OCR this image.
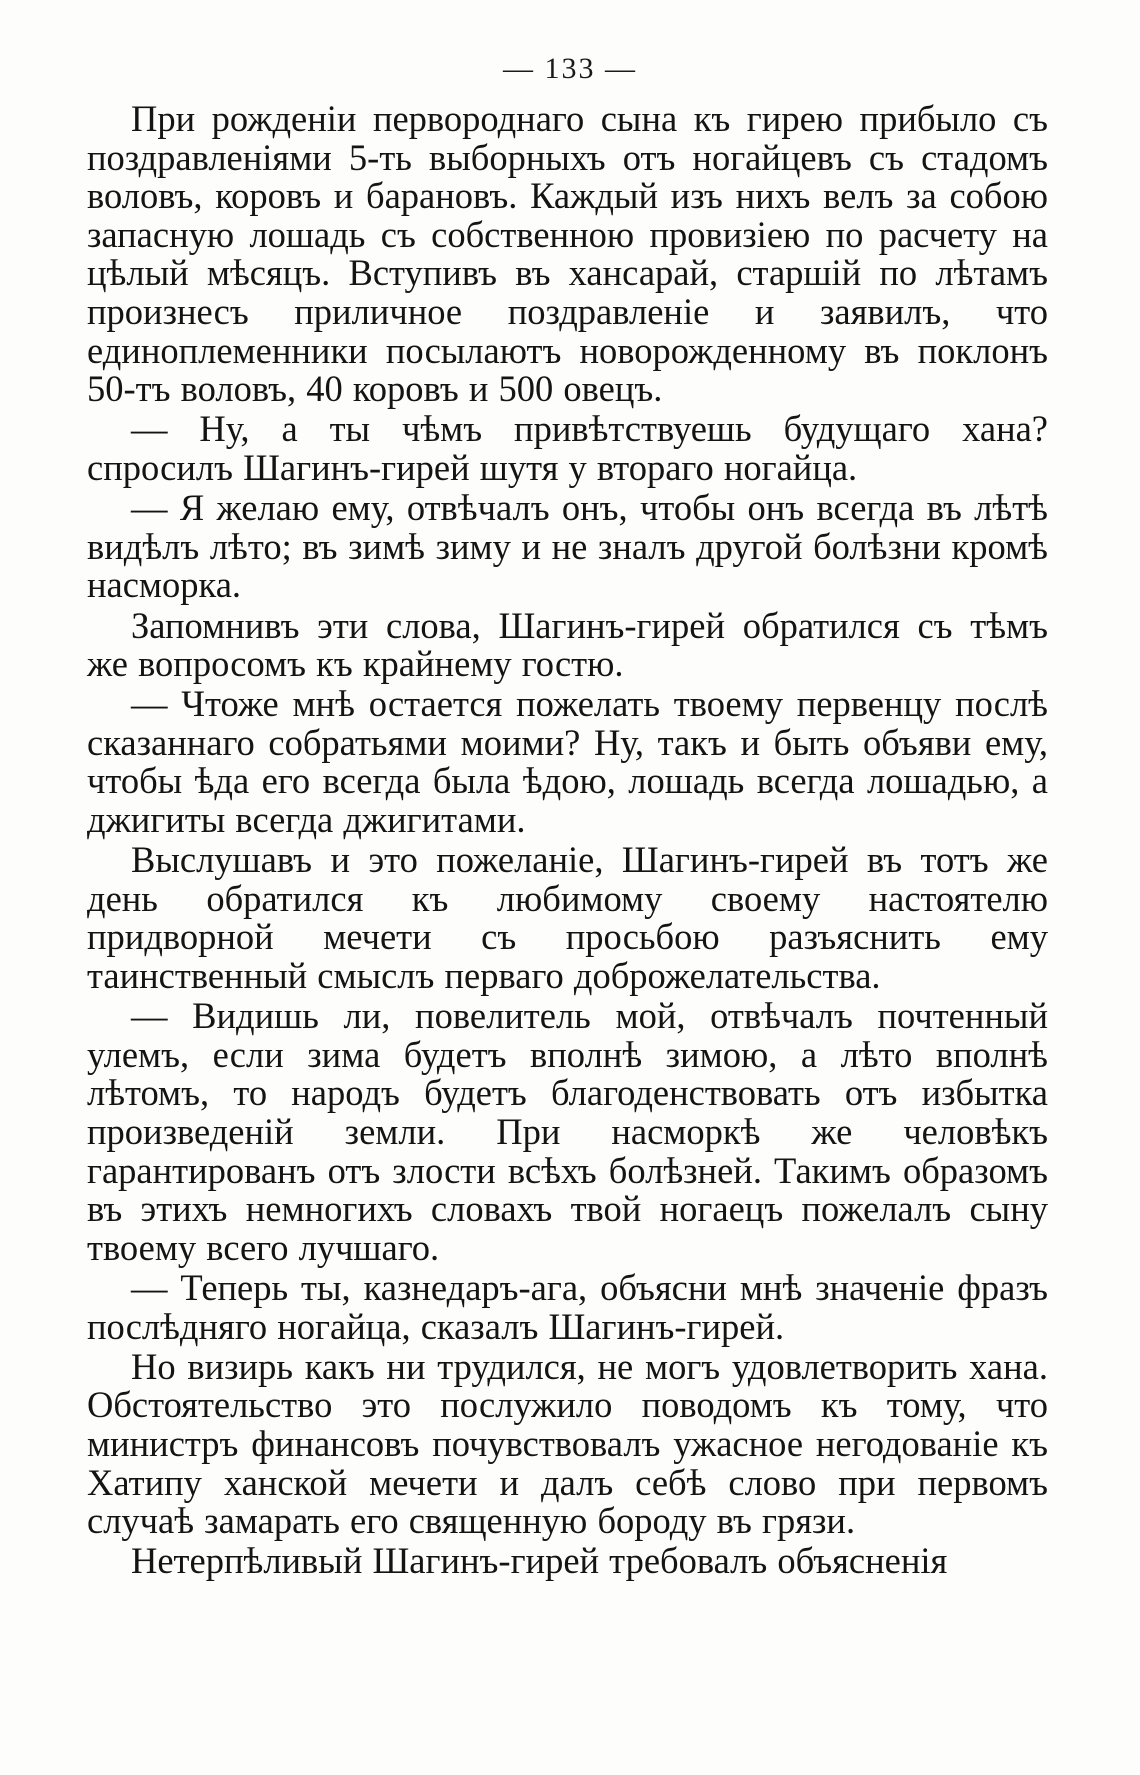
— 133 —

При рожденіи первороднаго сына къ гирею прибыло съ поздравленіями 5-ть выборныхъ отъ ногайцевъ съ стадомъ воловъ, коровъ и барановъ. Каждый изъ нихъ велъ за собою запасную лошадь съ собственною провизіею по расчету на цѣлый мѣсяцъ. Вступивъ въ хансарай, старшій по лѣтамъ произнесъ приличное поздравленіе и заявилъ, что единоплеменники посылаютъ новорожденному въ поклонъ 50-тъ воловъ, 40 коровъ и 500 овецъ.

— Ну, а ты чѣмъ привѣтствуешь будущаго хана? спросилъ Шагинъ-гирей шутя у втораго ногайца.

— Я желаю ему, отвѣчалъ онъ, чтобы онъ всегда въ лѣтѣ видѣлъ лѣто; въ зимѣ зиму и не зналъ другой болѣзни кромѣ насморка.

Запомнивъ эти слова, Шагинъ-гирей обратился съ тѣмъ же вопросомъ къ крайнему гостю.

— Чтоже мнѣ остается пожелать твоему первенцу послѣ сказаннаго собратьями моими? Ну, такъ и быть объяви ему, чтобы ѣда его всегда была ѣдою, лошадь всегда лошадью, а джигиты всегда джигитами.

Выслушавъ и это пожеланіе, Шагинъ-гирей въ тотъ же день обратился къ любимому своему настоятелю придворной мечети съ просьбою разъяснить ему таинственный смыслъ перваго доброжелательства.

— Видишь ли, повелитель мой, отвѣчалъ почтенный улемъ, если зима будетъ вполнѣ зимою, а лѣто вполнѣ лѣтомъ, то народъ будетъ благоденствовать отъ избытка произведеній земли. При насморкѣ же человѣкъ гарантированъ отъ злости всѣхъ болѣзней. Такимъ образомъ въ этихъ немногихъ словахъ твой ногаецъ пожелалъ сыну твоему всего лучшаго.

— Теперь ты, казнедаръ-ага, объясни мнѣ значеніе фразъ послѣдняго ногайца, сказалъ Шагинъ-гирей.

Но визирь какъ ни трудился, не могъ удовлетворить хана. Обстоятельство это послужило поводомъ къ тому, что министръ финансовъ почувствовалъ ужасное негодованіе къ Хатипу ханской мечети и далъ себѣ слово при первомъ случаѣ замарать его священную бороду въ грязи.

Нетерпѣливый Шагинъ-гирей требовалъ объясненія
